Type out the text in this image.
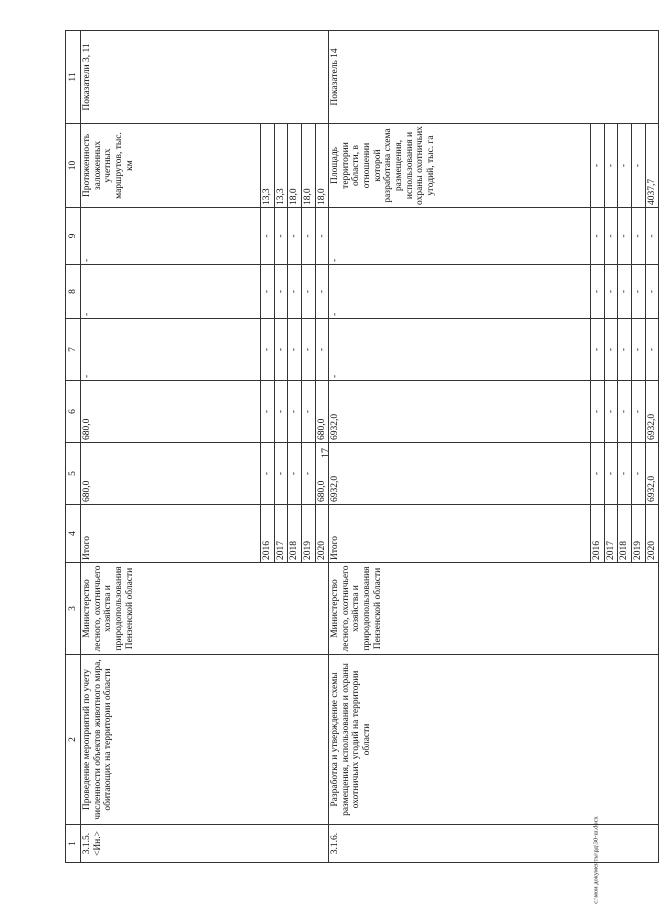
17
1	2	3	4	5	6	7	8	9	10	11
3.1.5. <Ин.>	Проведение мероприятий по учету численности объектов животного мира, обитающих на территории области	Министерство лесного, охотничьего хозяйства и природопользования Пензенской области	Итого	680,0	680,0	-	-	-	Протяженность заложенных учетных маршрутов, тыс. км	Показатели 3, 11
			2016	-	-	-	-	-	13,3	
			2017	-	-	-	-	-	13,3	
			2018	-	-	-	-	-	18,0	
			2019	-	-	-	-	-	18,0	
			2020	680,0	680,0	-	-	-	18,0	
3.1.6.	Разработка и утверждение схемы размещения, использования и охраны охотничьих угодий на территории области	Министерство лесного, охотничьего хозяйства и природопользования Пензенской области	Итого	6932,0	6932,0	-	-	-	Площадь территории области, в отношении которой разработана схема размещения, использования и охраны охотничьих угодий, тыс. га	Показатель 14
			2016	-	-	-	-	-	-	
			2017	-	-	-	-	-	-	
			2018	-	-	-	-	-	-	
			2019	-	-	-	-	-	-	
			2020	6932,0	6932,0	-	-	-	4037,7	
c:\мои документы\рд\30-ш.docx
